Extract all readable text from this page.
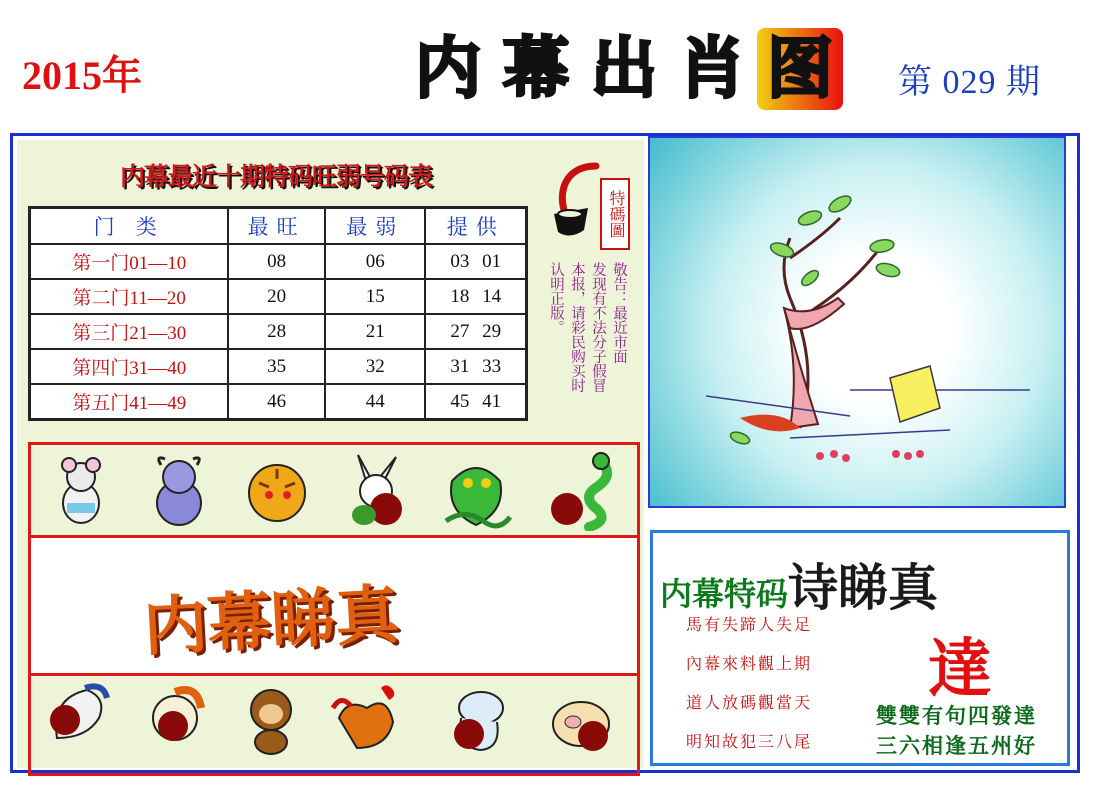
2015年	内 幕 出 肖 图 第 029 期
内幕最近十期特码旺弱号码表
门 类	最旺	最弱	提供
第一门01—10	08	06	03 01
第二门11—20	20	15	18 14
第三门21—30	28	21	27 29
第四门31—40	35	32	31 33
第五门41—49	46	44	45 41
特碼圖
敬告：最近市面
发现有不法分子假冒
本报，请彩民购买时
认明正版。
内幕睇真	内幕特码诗睇真
馬有失蹄人失足
內幕來料觀上期
道人放碼觀當天
明知故犯三八尾
達
雙雙有句四發達
三六相逢五州好
